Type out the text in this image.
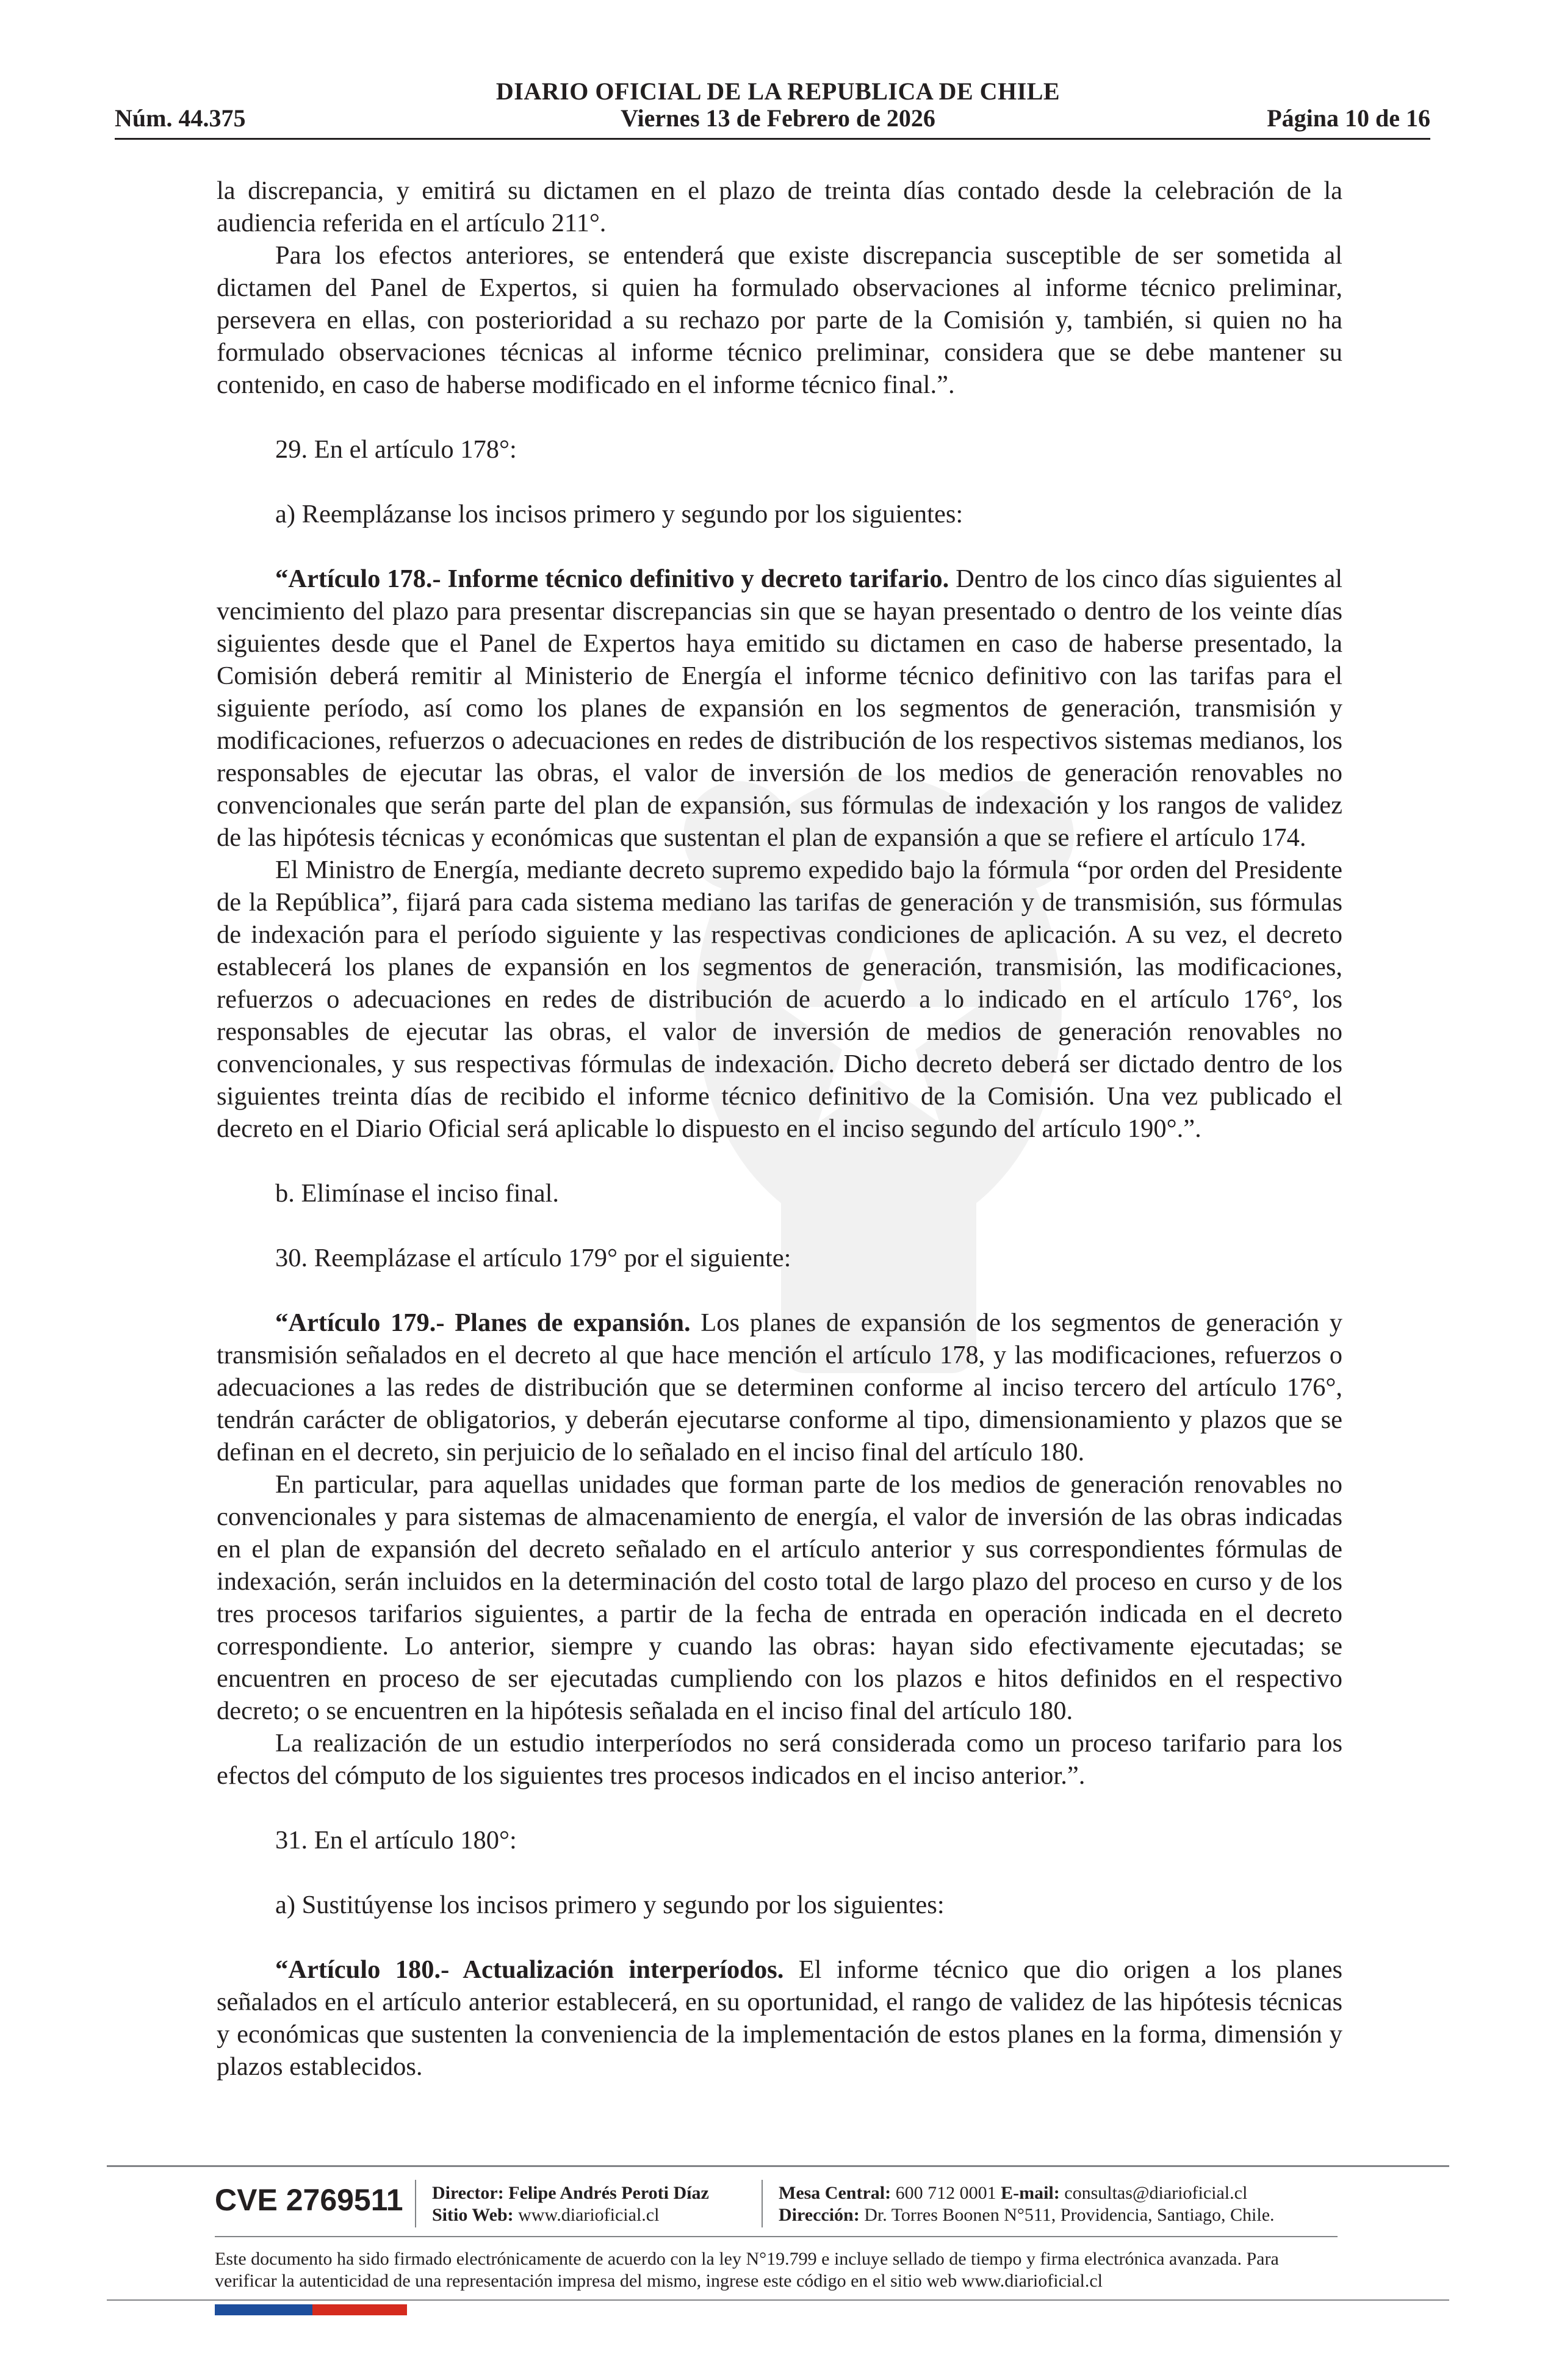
DIARIO OFICIAL DE LA REPUBLICA DE CHILE
Núm. 44.375	Viernes 13 de Febrero de 2026	Página 10 de 16

la discrepancia, y emitirá su dictamen en el plazo de treinta días contado desde la celebración de la audiencia referida en el artículo 211°.

Para los efectos anteriores, se entenderá que existe discrepancia susceptible de ser sometida al dictamen del Panel de Expertos, si quien ha formulado observaciones al informe técnico preliminar, persevera en ellas, con posterioridad a su rechazo por parte de la Comisión y, también, si quien no ha formulado observaciones técnicas al informe técnico preliminar, considera que se debe mantener su contenido, en caso de haberse modificado en el informe técnico final.”.

29. En el artículo 178°:

a) Reemplázanse los incisos primero y segundo por los siguientes:

“Artículo 178.- Informe técnico definitivo y decreto tarifario. Dentro de los cinco días siguientes al vencimiento del plazo para presentar discrepancias sin que se hayan presentado o dentro de los veinte días siguientes desde que el Panel de Expertos haya emitido su dictamen en caso de haberse presentado, la Comisión deberá remitir al Ministerio de Energía el informe técnico definitivo con las tarifas para el siguiente período, así como los planes de expansión en los segmentos de generación, transmisión y modificaciones, refuerzos o adecuaciones en redes de distribución de los respectivos sistemas medianos, los responsables de ejecutar las obras, el valor de inversión de los medios de generación renovables no convencionales que serán parte del plan de expansión, sus fórmulas de indexación y los rangos de validez de las hipótesis técnicas y económicas que sustentan el plan de expansión a que se refiere el artículo 174.

El Ministro de Energía, mediante decreto supremo expedido bajo la fórmula “por orden del Presidente de la República”, fijará para cada sistema mediano las tarifas de generación y de transmisión, sus fórmulas de indexación para el período siguiente y las respectivas condiciones de aplicación. A su vez, el decreto establecerá los planes de expansión en los segmentos de generación, transmisión, las modificaciones, refuerzos o adecuaciones en redes de distribución de acuerdo a lo indicado en el artículo 176°, los responsables de ejecutar las obras, el valor de inversión de medios de generación renovables no convencionales, y sus respectivas fórmulas de indexación. Dicho decreto deberá ser dictado dentro de los siguientes treinta días de recibido el informe técnico definitivo de la Comisión. Una vez publicado el decreto en el Diario Oficial será aplicable lo dispuesto en el inciso segundo del artículo 190°.”.

b. Elimínase el inciso final.

30. Reemplázase el artículo 179° por el siguiente:

“Artículo 179.- Planes de expansión. Los planes de expansión de los segmentos de generación y transmisión señalados en el decreto al que hace mención el artículo 178, y las modificaciones, refuerzos o adecuaciones a las redes de distribución que se determinen conforme al inciso tercero del artículo 176°, tendrán carácter de obligatorios, y deberán ejecutarse conforme al tipo, dimensionamiento y plazos que se definan en el decreto, sin perjuicio de lo señalado en el inciso final del artículo 180.

En particular, para aquellas unidades que forman parte de los medios de generación renovables no convencionales y para sistemas de almacenamiento de energía, el valor de inversión de las obras indicadas en el plan de expansión del decreto señalado en el artículo anterior y sus correspondientes fórmulas de indexación, serán incluidos en la determinación del costo total de largo plazo del proceso en curso y de los tres procesos tarifarios siguientes, a partir de la fecha de entrada en operación indicada en el decreto correspondiente. Lo anterior, siempre y cuando las obras: hayan sido efectivamente ejecutadas; se encuentren en proceso de ser ejecutadas cumpliendo con los plazos e hitos definidos en el respectivo decreto; o se encuentren en la hipótesis señalada en el inciso final del artículo 180.

La realización de un estudio interperíodos no será considerada como un proceso tarifario para los efectos del cómputo de los siguientes tres procesos indicados en el inciso anterior.”.

31. En el artículo 180°:

a) Sustitúyense los incisos primero y segundo por los siguientes:

“Artículo 180.- Actualización interperíodos. El informe técnico que dio origen a los planes señalados en el artículo anterior establecerá, en su oportunidad, el rango de validez de las hipótesis técnicas y económicas que sustenten la conveniencia de la implementación de estos planes en la forma, dimensión y plazos establecidos.

CVE 2769511 Director: Felipe Andrés Peroti Díaz
Sitio Web: www.diarioficial.cl
Mesa Central: 600 712 0001 E-mail: consultas@diarioficial.cl
Dirección: Dr. Torres Boonen N°511, Providencia, Santiago, Chile.
Este documento ha sido firmado electrónicamente de acuerdo con la ley N°19.799 e incluye sellado de tiempo y firma electrónica avanzada. Para verificar la autenticidad de una representación impresa del mismo, ingrese este código en el sitio web www.diarioficial.cl
